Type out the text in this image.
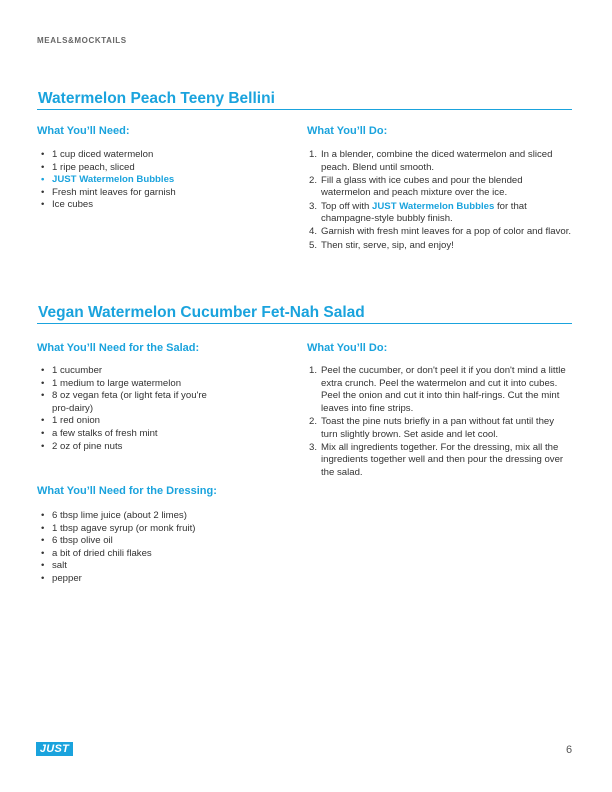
MEALS&MOCKTAILS
Watermelon Peach Teeny Bellini
What You’ll Need:	What You’ll Do:
• 1 cup diced watermelon
• 1 ripe peach, sliced
• JUST Watermelon Bubbles
• Fresh mint leaves for garnish
• Ice cubes
1. In a blender, combine the diced watermelon and sliced peach. Blend until smooth.
2. Fill a glass with ice cubes and pour the blended watermelon and peach mixture over the ice.
3. Top off with JUST Watermelon Bubbles for that champagne-style bubbly finish.
4. Garnish with fresh mint leaves for a pop of color and flavor.
5. Then stir, serve, sip, and enjoy!
Vegan Watermelon Cucumber Fet-Nah Salad
What You’ll Need for the Salad:	What You’ll Do:
• 1 cucumber
• 1 medium to large watermelon
• 8 oz vegan feta (or light feta if you're pro-dairy)
• 1 red onion
• a few stalks of fresh mint
• 2 oz of pine nuts
What You’ll Need for the Dressing:
• 6 tbsp lime juice (about 2 limes)
• 1 tbsp agave syrup (or monk fruit)
• 6 tbsp olive oil
• a bit of dried chili flakes
• salt
• pepper
1. Peel the cucumber, or don't peel it if you don't mind a little extra crunch. Peel the watermelon and cut it into cubes. Peel the onion and cut it into thin half-rings. Cut the mint leaves into fine strips.
2. Toast the pine nuts briefly in a pan without fat until they turn slightly brown. Set aside and let cool.
3. Mix all ingredients together. For the dressing, mix all the ingredients together well and then pour the dressing over the salad.
JUST	6
